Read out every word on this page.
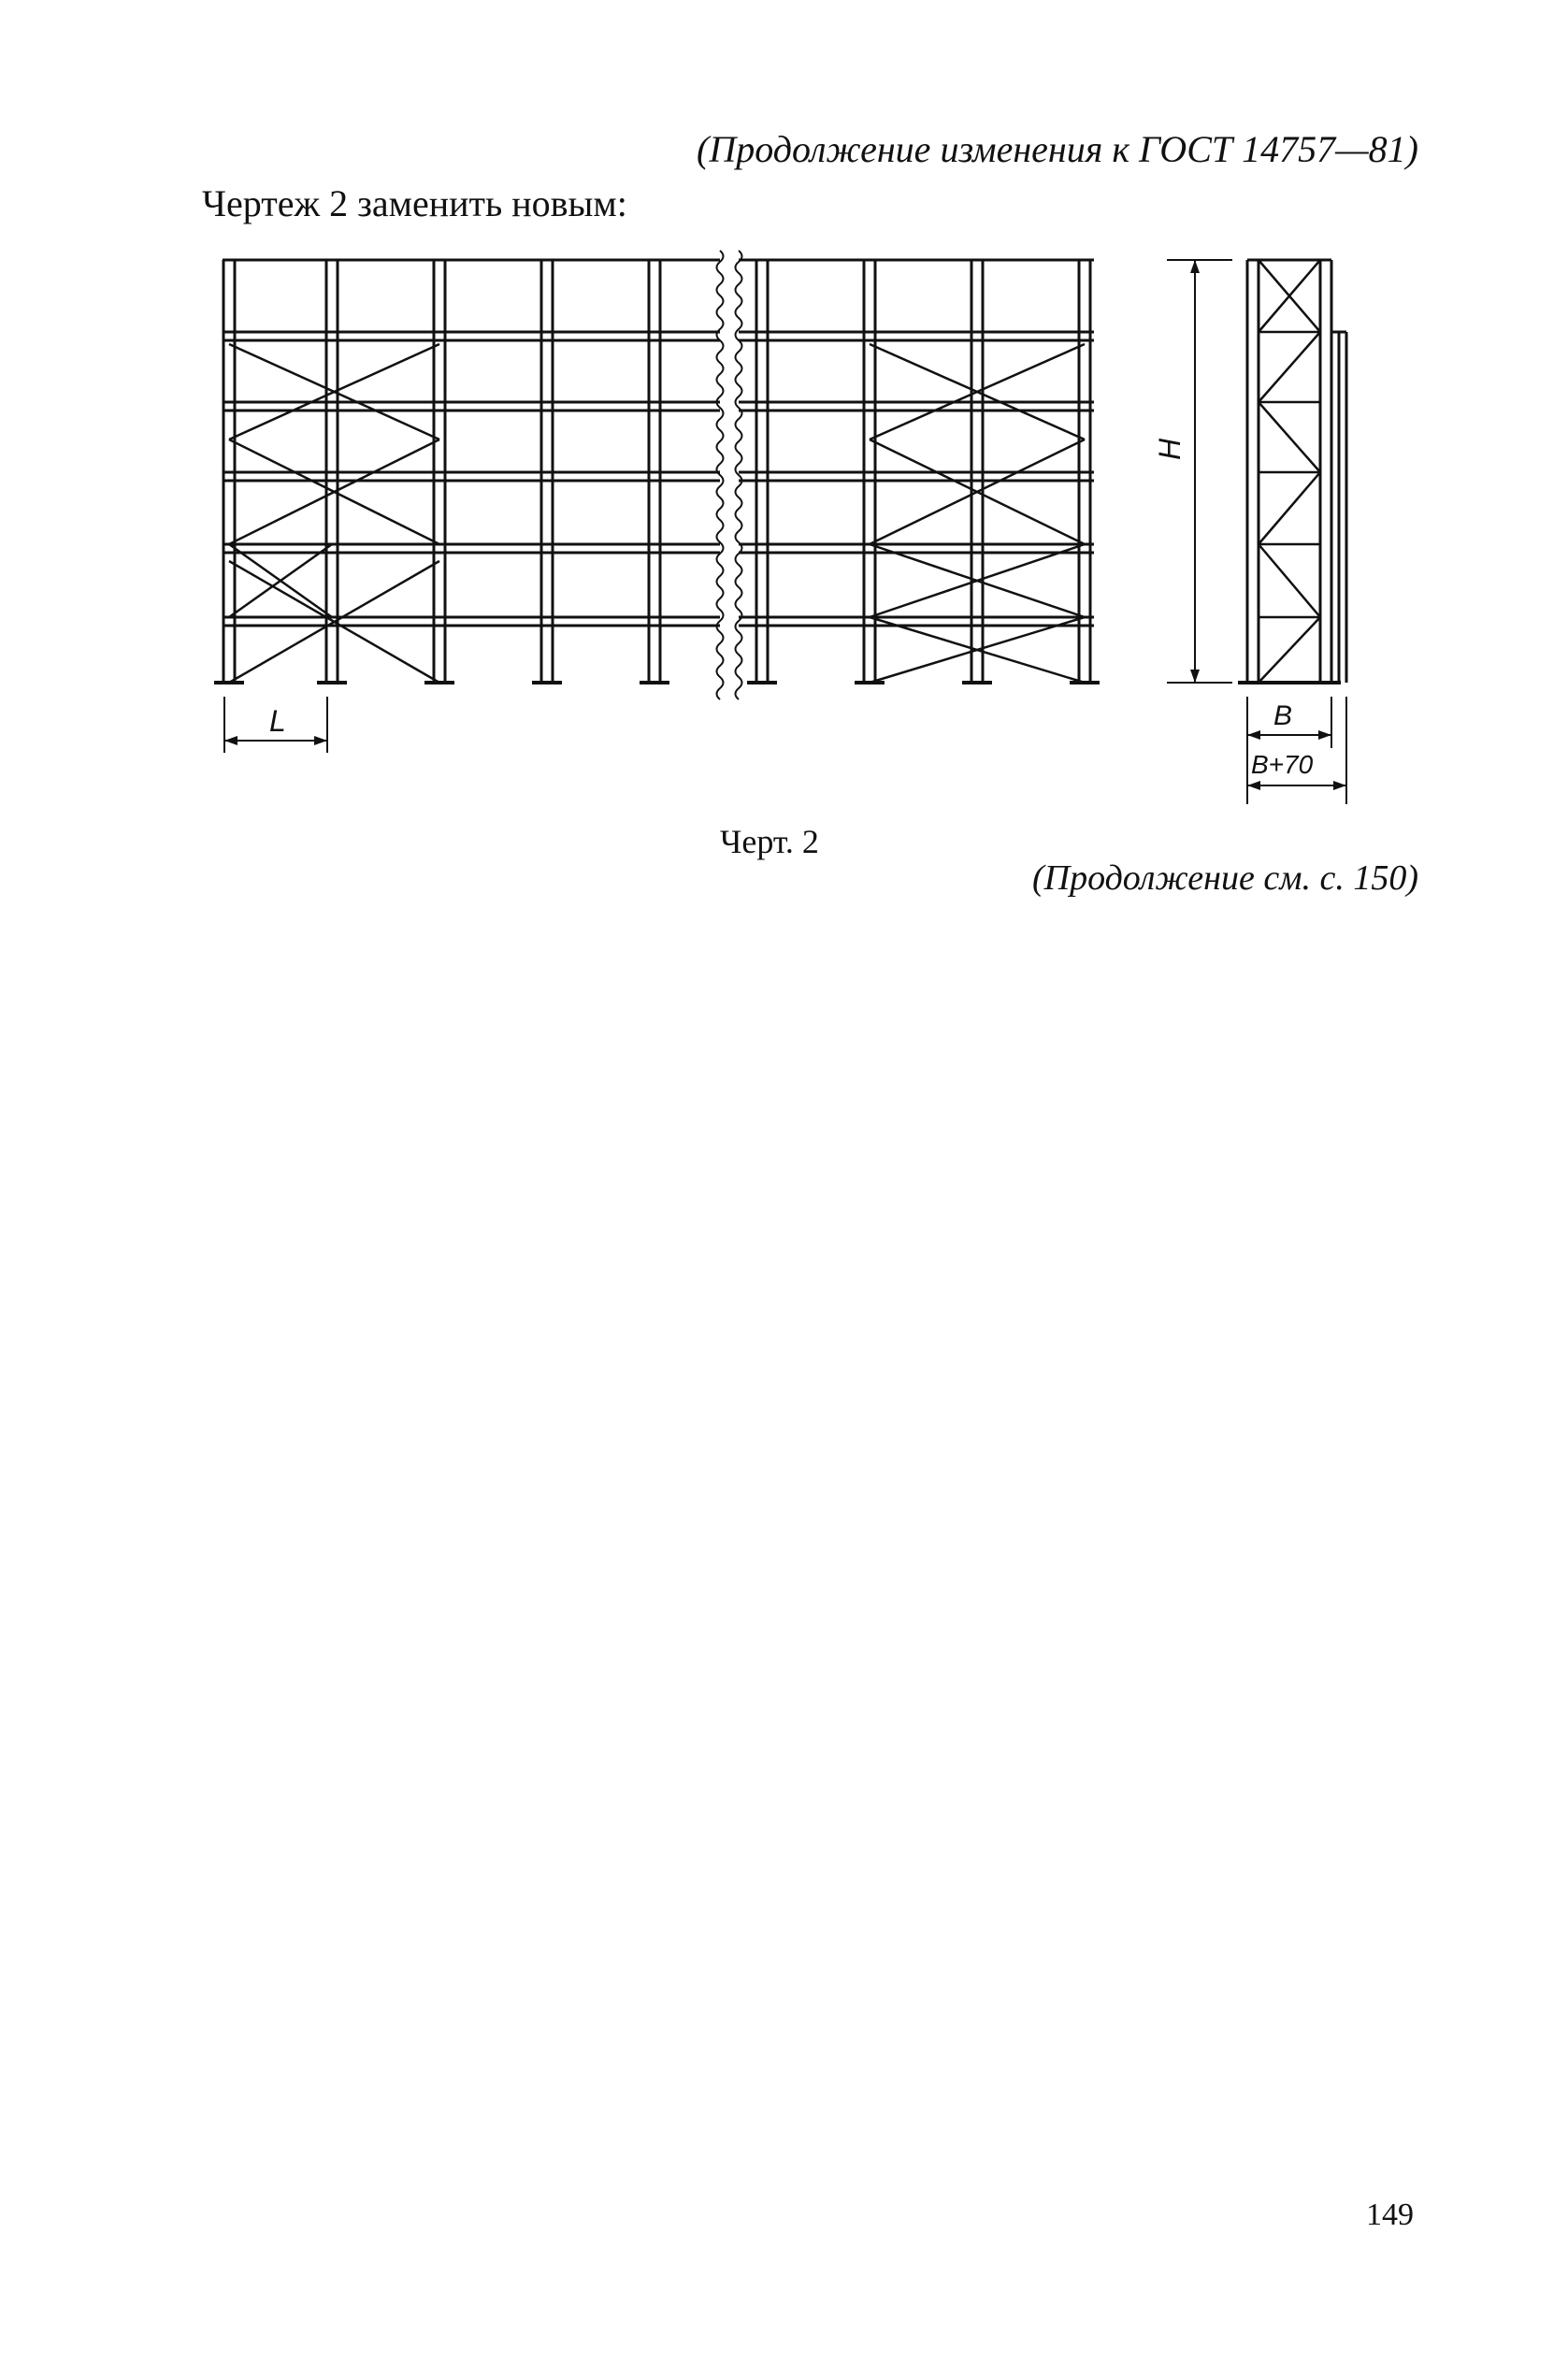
(Продолжение изменения к ГОСТ 14757—81)
Чертеж 2 заменить новым:
L
H
B
B+70
Черт. 2
(Продолжение см. с. 150)
149
